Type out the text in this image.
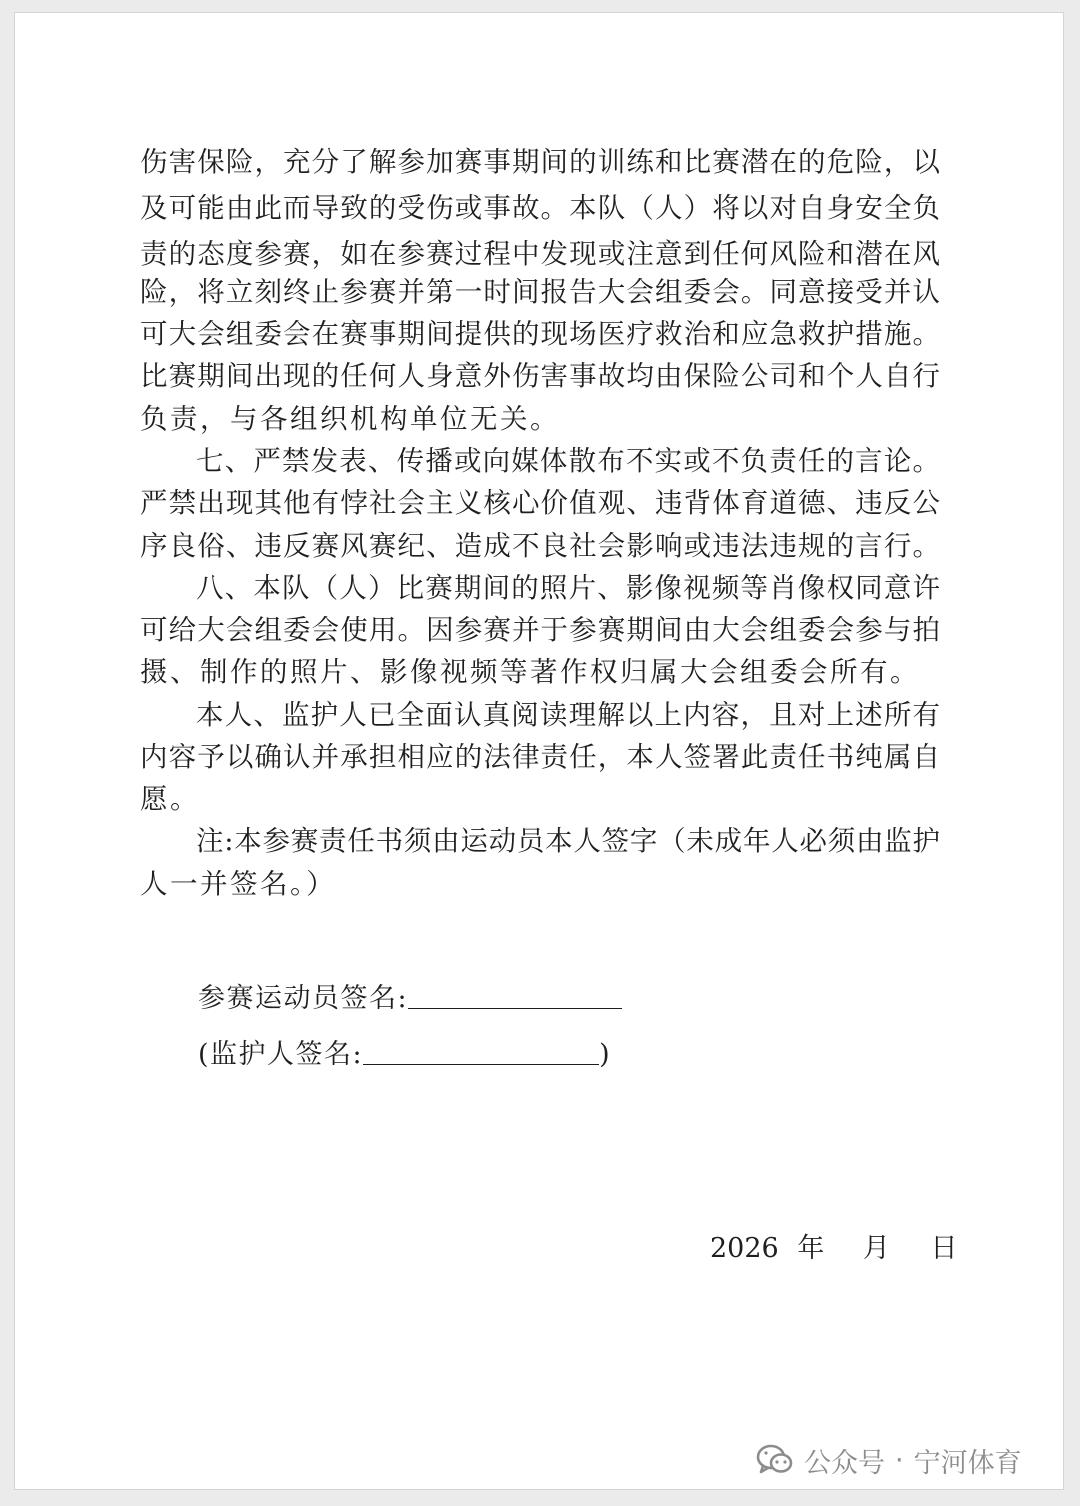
伤害保险，充分了解参加赛事期间的训练和比赛潜在的危险，以
及可能由此而导致的受伤或事故。本队（人）将以对自身安全负
责的态度参赛，如在参赛过程中发现或注意到任何风险和潜在风
险，将立刻终止参赛并第一时间报告大会组委会。同意接受并认
可大会组委会在赛事期间提供的现场医疗救治和应急救护措施。
比赛期间出现的任何人身意外伤害事故均由保险公司和个人自行
负责，与各组织机构单位无关。
七、严禁发表、传播或向媒体散布不实或不负责任的言论。
严禁出现其他有悖社会主义核心价值观、违背体育道德、违反公
序良俗、违反赛风赛纪、造成不良社会影响或违法违规的言行。
八、本队（人）比赛期间的照片、影像视频等肖像权同意许
可给大会组委会使用。因参赛并于参赛期间由大会组委会参与拍
摄、制作的照片、影像视频等著作权归属大会组委会所有。
本人、监护人已全面认真阅读理解以上内容，且对上述所有
内容予以确认并承担相应的法律责任，本人签署此责任书纯属自
愿。
注:本参赛责任书须由运动员本人签字（未成年人必须由监护
人一并签名。）
参赛运动员签名:
(监护人签名:	)
2026 年 月 日
公众号 · 宁河体育
